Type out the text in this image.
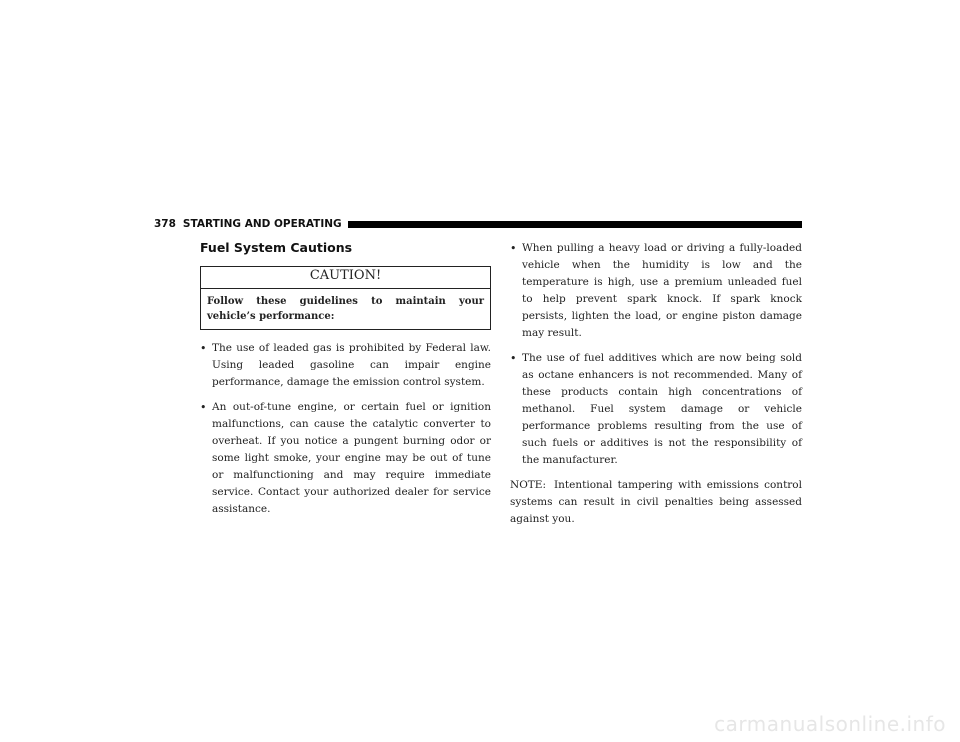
378 STARTING AND OPERATING
Fuel System Cautions
CAUTION!
Follow these guidelines to maintain your vehicle’s performance:
• The use of leaded gas is prohibited by Federal law. Using leaded gasoline can impair engine performance, damage the emission control system.
• An out-of-tune engine, or certain fuel or ignition malfunctions, can cause the catalytic converter to overheat. If you notice a pungent burning odor or some light smoke, your engine may be out of tune or malfunctioning and may require immediate service. Contact your authorized dealer for service assistance.
• When pulling a heavy load or driving a fully-loaded vehicle when the humidity is low and the temperature is high, use a premium unleaded fuel to help prevent spark knock. If spark knock persists, lighten the load, or engine piston damage may result.
• The use of fuel additives which are now being sold as octane enhancers is not recommended. Many of these products contain high concentrations of methanol. Fuel system damage or vehicle performance problems resulting from the use of such fuels or additives is not the responsibility of the manufacturer.
NOTE: Intentional tampering with emissions control systems can result in civil penalties being assessed against you.
carmanualsonline.info
